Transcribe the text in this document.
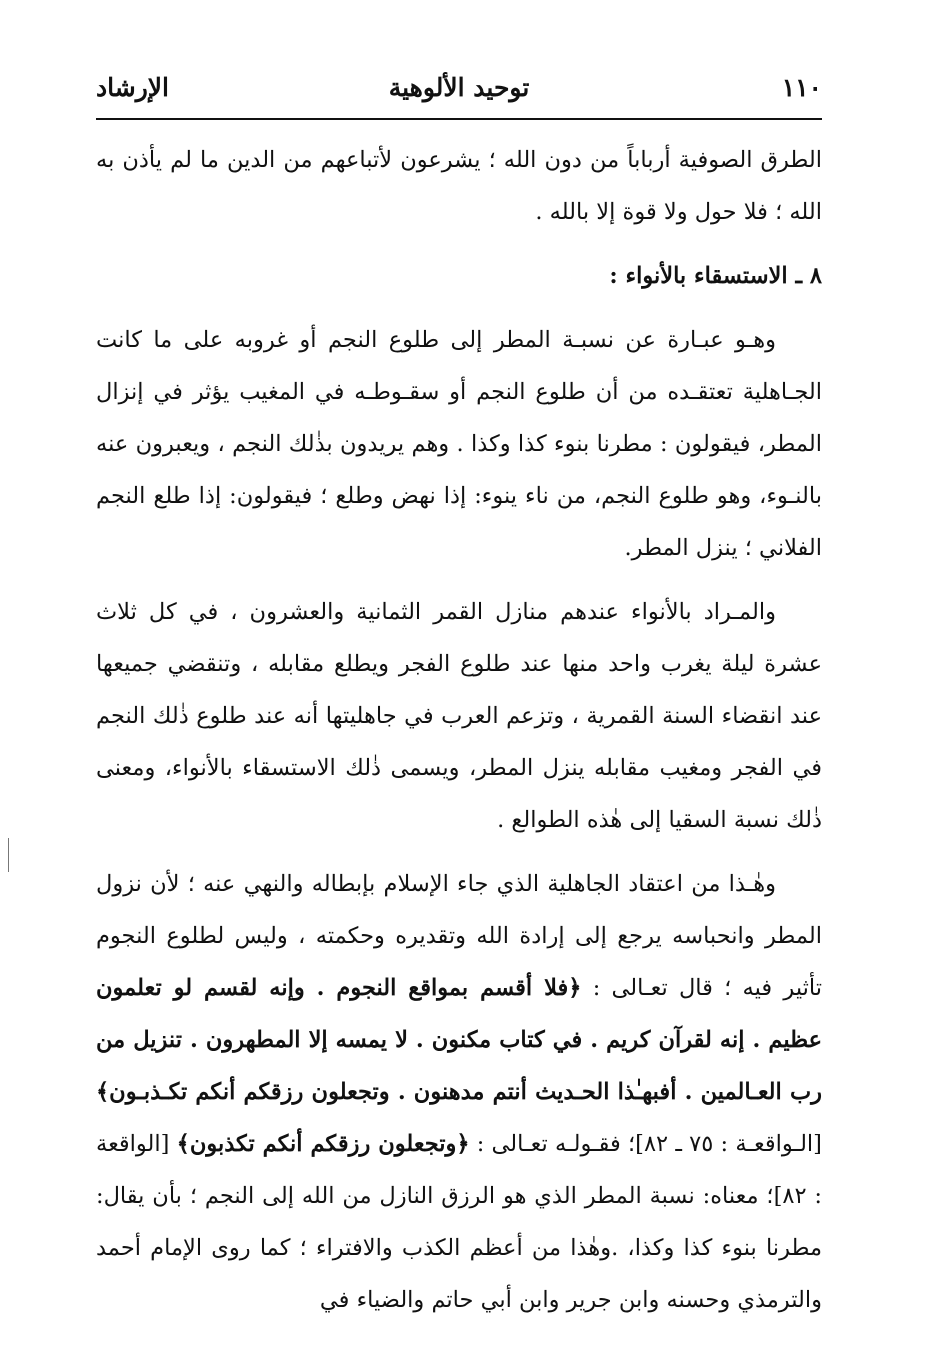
الإرشاد	توحيد الألوهية	١١٠

الطرق الصوفية أرباباً من دون الله ؛ يشرعون لأتباعهم من الدين ما لم يأذن به الله ؛ فلا حول ولا قوة إلا بالله .

٨ ـ الاستسقاء بالأنواء :

وهـو عبـارة عن نسبـة المطر إلى طلوع النجم أو غروبه على ما كانت الجـاهلية تعتقـده من أن طلوع النجم أو سقـوطـه في المغيب يؤثر في إنزال المطر، فيقولون : مطرنا بنوء كذا وكذا . وهم يريدون بذٰلك النجم ، ويعبرون عنه بالنـوء، وهو طلوع النجم، من ناء ينوء: إذا نهض وطلع ؛ فيقولون: إذا طلع النجم الفلاني ؛ ينزل المطر.

والمـراد بالأنواء عندهم منازل القمر الثمانية والعشرون ، في كل ثلاث عشرة ليلة يغرب واحد منها عند طلوع الفجر ويطلع مقابله ، وتنقضي جميعها عند انقضاء السنة القمرية ، وتزعم العرب في جاهليتها أنه عند طلوع ذٰلك النجم في الفجر ومغيب مقابله ينزل المطر، ويسمى ذٰلك الاستسقاء بالأنواء، ومعنى ذٰلك نسبة السقيا إلى هٰذه الطوالع .

وهٰـذا من اعتقاد الجاهلية الذي جاء الإسلام بإبطاله والنهي عنه ؛ لأن نزول المطر وانحباسه يرجع إلى إرادة الله وتقديره وحكمته ، وليس لطلوع النجوم تأثير فيه ؛ قال تعـالى : ﴿فلا أقسم بمواقع النجوم . وإنه لقسم لو تعلمون عظيم . إنه لقرآن كريم . في كتاب مكنون . لا يمسه إلا المطهرون . تنزيل من رب العـالمين . أفبهـٰذا الحـديث أنتم مدهنون . وتجعلون رزقكم أنكم تكـذبـون﴾ [الـواقعـة : ٧٥ ـ ٨٢]؛ فقـولـه تعـالى : ﴿وتجعلون رزقكم أنكم تكذبون﴾ [الواقعة : ٨٢]؛ معناه: نسبة المطر الذي هو الرزق النازل من الله إلى النجم ؛ بأن يقال: مطرنا بنوء كذا وكذا، .وهٰذا من أعظم الكذب والافتراء ؛ كما روى الإمام أحمد والترمذي وحسنه وابن جرير وابن أبي حاتم والضياء في
